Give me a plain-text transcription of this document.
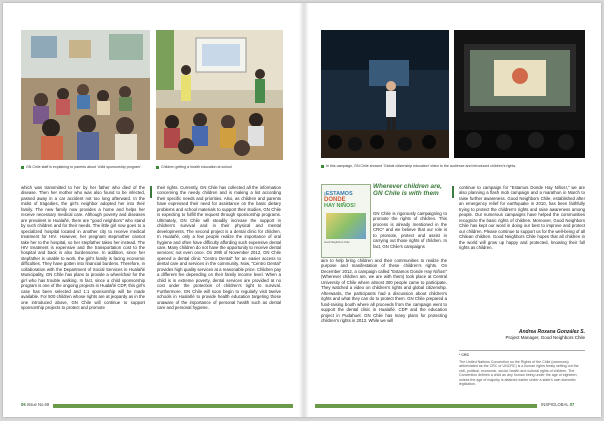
GN Chile staff is explaining to parents about ‘child sponsorship program’.	Children getting a health education at school	In this campaign, GN Chile showed ‘Global citizenship education’ video to the audience and introduced children’s rights.

which was transmitted to her by her father who died of the disease. Then her mother who was also found to be infected, passed away in a car accident not too long afterward. In the midst of tragedies, the girl’s neighbor adopted her into their family. The new family now provides a home and helps her receive necessary medical care. Although poverty and diseases are prevalent in Hualañé, there are “good neighbors” who stand by such children and for their needs. The little girl now goes to a specialized hospital located in another city to receive medical treatment for HIV. However, her pregnant stepmother cannot take her to the hospital, so her stepfather takes her instead. The HIV treatment is expensive and the transportation cost to the hospital and back is also burdensome. In addition, since her stepfather is unable to work, the girl’s family is facing economic difficulties. They have gotten into financial burdens. Therefore, in collaboration with the Department of Social Services in Hualañé Municipality, GN Chile has plans to provide a wheelchair for the girl who has trouble walking. In fact, since a child sponsorship program is one of the ongoing projects in Hualañé CDP, this girl’s case has been selected and 1:1 sponsorship will be made available. For 500 children whose rights are at jeopardy as in the one introduced above, GN Chile will continue to support sponsorship projects to protect and promote

their rights. Currently, GN Chile has collected all the information concerning the needy children and is making a list according their specific needs and priorities. Also, as children and parents have expressed their need for assistance on the basic dietary problems and school materials to support their studies, GN Chile is expecting to fulfill the request through sponsorship programs. Ultimately, GN Chile will steadily increase the support in children’s survival and in their physical and mental developments. The second project is a dental clinic for children. In Hualañé, only a few people realize the importance of oral hygiene and often have difficulty affording such expensive dental care. Many children do not have the opportunity to receive dental services; not even once. On 29th of November 2012, GN Chile opened a dental clinic “Centro Dental” for an easier access to dental care and services in the community. Now, “Centro Dental” provides high quality services at a reasonable price. Children pay a different fee depending on their family income level. When a child is in extreme poverty, dental services are provided at no cost under the protection of children’s right to survival. Furthermore, GN Chile will soon begin to regularly visit twelve schools in Hualañé to provide health education targeting those unaware of the importance of personal health such as dental care and personal hygiene.

Wherever children are, GN Chile is with them
¡ESTAMOS
DONDE
HAY NIÑOS!
Good Neighbors Chile

GN Chile is rigorously campaigning to promote the rights of children. This process is already mentioned in the CRC* and we believe that our role is to promote, protect and assist in carrying out those rights of children. In fact, GN Chile’s campaigns

aim to help bring children and their communities to realize the purpose and manifestation of these children’s rights. On December 2012, a campaign called “Estamos Donde Hay Niños!” (Wherever children are, we are with them) took place at Central University of Chile where almost 300 people came to participate. They watched a video on children’s rights and global citizenship. Afterwards, the participants had a discussion about children’s rights and what they can do to protect them. GN Chile prepared a fund-raising booth where all proceeds from the campaign went to support the dental clinic in Hualañé. CDP and the education project in Pudahuel. GN Chile has many plans for protecting children’s rights in 2013. While we will

continue to campaign for “Estamos Donde Hay Niños!,” we are also planning a flash mob campaign and a marathon in March to raise further awareness. Good Neighbors Chile, established after an emergency relief for earthquake in 2010, has been faithfully trying to protect the children’s rights and raise awareness among people. Our numerous campaigns have helped the communities recognize the basic rights of children. Moreover, Good Neighbors Chile has kept our word in doing our best to improve and protect our children. Please continue to support us for the well-being of all Chilean children. Good Neighbors Chile hopes that all children in the world will grow up happy and protected, knowing their full rights as children.

Andrea Roxana González S.
Project Manager, Good Neighbors Chile
* CRC
The United Nations Convention on the Rights of the Child (commonly abbreviated as the CRC or UNCRC) is a human rights treaty setting out the civil, political, economic, social, health and cultural rights of children. The Convention defines a child as any human being under the age of eighteen, unless the age of majority is attained earlier under a state’s own domestic legislation.
06 Issue No.69	INSPIGLOBAL 07
